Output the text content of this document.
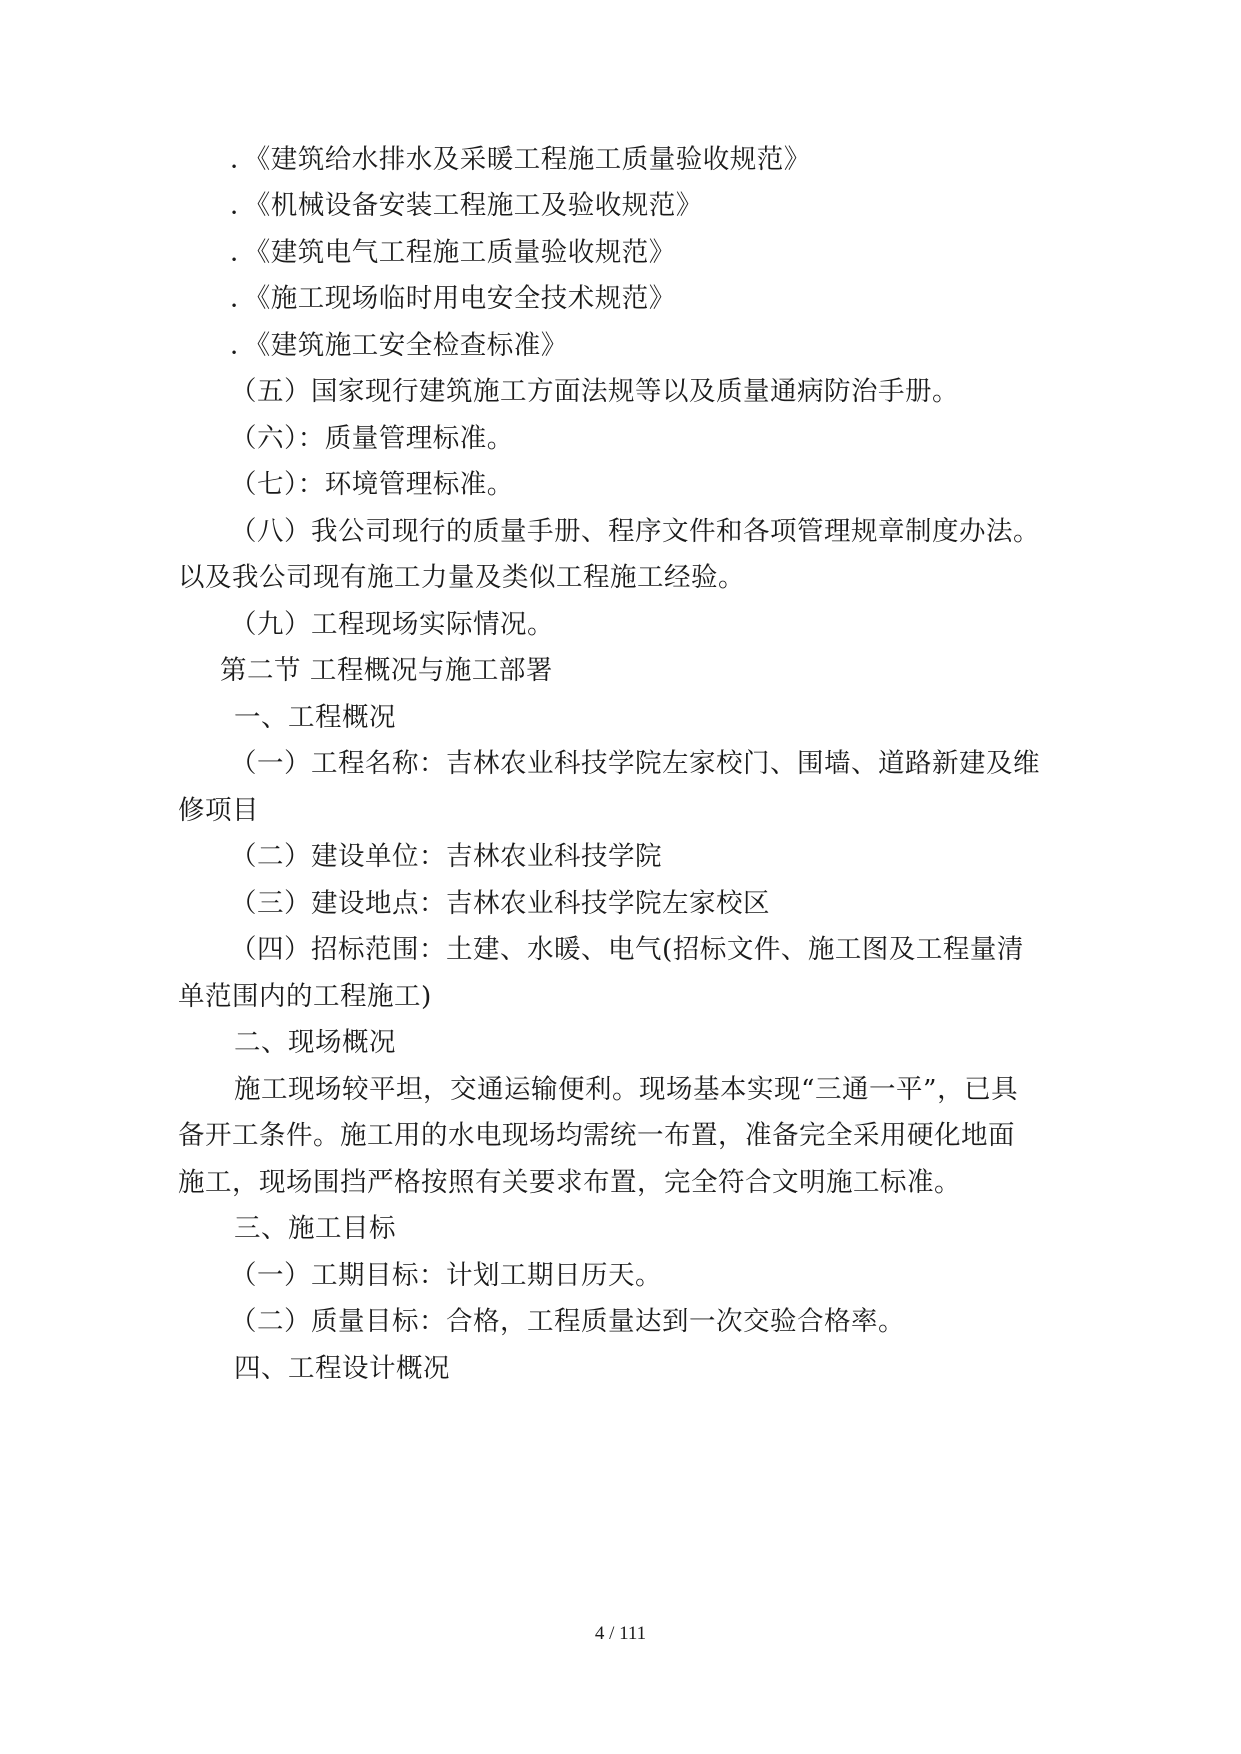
．《建筑给水排水及采暖工程施工质量验收规范》
．《机械设备安装工程施工及验收规范》
．《建筑电气工程施工质量验收规范》
．《施工现场临时用电安全技术规范》
．《建筑施工安全检查标准》
（五）国家现行建筑施工方面法规等以及质量通病防治手册。
（六）：质量管理标准。
（七）：环境管理标准。
（八）我公司现行的质量手册、程序文件和各项管理规章制度办法。
以及我公司现有施工力量及类似工程施工经验。
（九）工程现场实际情况。
第二节 工程概况与施工部署
一、工程概况
（一）工程名称：吉林农业科技学院左家校门、围墙、道路新建及维
修项目
（二）建设单位：吉林农业科技学院
（三）建设地点：吉林农业科技学院左家校区
（四）招标范围：土建、水暖、电气(招标文件、施工图及工程量清
单范围内的工程施工)
二、现场概况
施工现场较平坦，交通运输便利。现场基本实现“三通一平”，已具
备开工条件。施工用的水电现场均需统一布置，准备完全采用硬化地面
施工，现场围挡严格按照有关要求布置，完全符合文明施工标准。
三、施工目标
（一）工期目标：计划工期日历天。
（二）质量目标：合格，工程质量达到一次交验合格率。
四、工程设计概况
4 / 111
